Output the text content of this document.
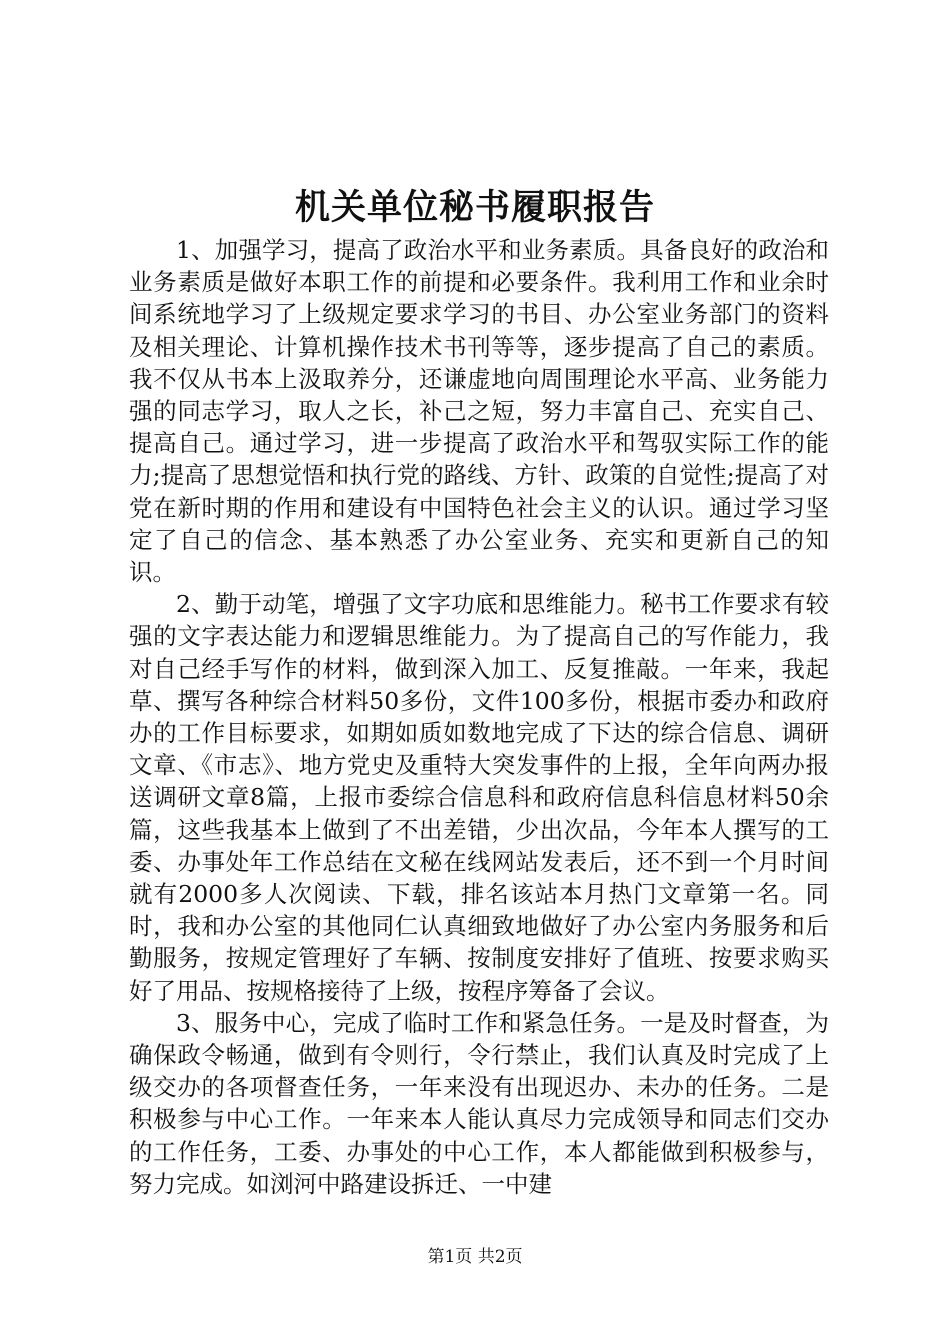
机关单位秘书履职报告

1、加强学习，提高了政治水平和业务素质。具备良好的政治和业务素质是做好本职工作的前提和必要条件。我利用工作和业余时间系统地学习了上级规定要求学习的书目、办公室业务部门的资料及相关理论、计算机操作技术书刊等等，逐步提高了自己的素质。我不仅从书本上汲取养分，还谦虚地向周围理论水平高、业务能力强的同志学习，取人之长，补己之短，努力丰富自己、充实自己、提高自己。通过学习，进一步提高了政治水平和驾驭实际工作的能力;提高了思想觉悟和执行党的路线、方针、政策的自觉性;提高了对党在新时期的作用和建设有中国特色社会主义的认识。通过学习坚定了自己的信念、基本熟悉了办公室业务、充实和更新自己的知识。

2、勤于动笔，增强了文字功底和思维能力。秘书工作要求有较强的文字表达能力和逻辑思维能力。为了提高自己的写作能力，我对自己经手写作的材料，做到深入加工、反复推敲。一年来，我起草、撰写各种综合材料50多份，文件100多份，根据市委办和政府办的工作目标要求，如期如质如数地完成了下达的综合信息、调研文章、《市志》、地方党史及重特大突发事件的上报，全年向两办报送调研文章8篇，上报市委综合信息科和政府信息科信息材料50余篇，这些我基本上做到了不出差错，少出次品，今年本人撰写的工委、办事处年工作总结在文秘在线网站发表后，还不到一个月时间就有2000多人次阅读、下载，排名该站本月热门文章第一名。同时，我和办公室的其他同仁认真细致地做好了办公室内务服务和后勤服务，按规定管理好了车辆、按制度安排好了值班、按要求购买好了用品、按规格接待了上级，按程序筹备了会议。

3、服务中心，完成了临时工作和紧急任务。一是及时督查，为确保政令畅通，做到有令则行，令行禁止，我们认真及时完成了上级交办的各项督查任务，一年来没有出现迟办、未办的任务。二是积极参与中心工作。一年来本人能认真尽力完成领导和同志们交办的工作任务，工委、办事处的中心工作，本人都能做到积极参与，努力完成。如浏河中路建设拆迁、一中建

第1页 共2页
